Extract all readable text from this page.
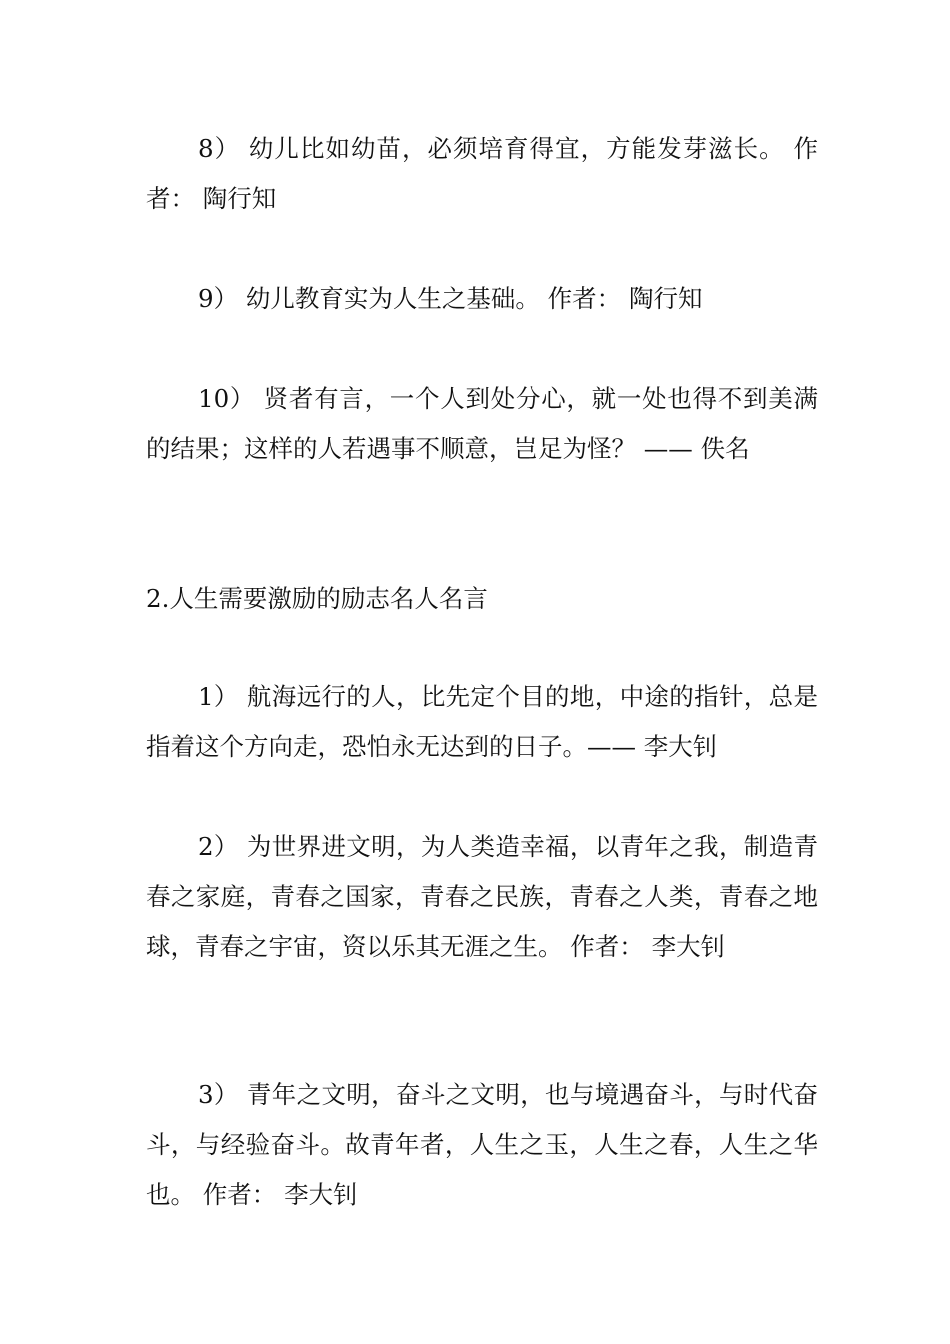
8） 幼儿比如幼苗，必须培育得宜，方能发芽滋长。 作者： 陶行知

9） 幼儿教育实为人生之基础。 作者： 陶行知

10） 贤者有言，一个人到处分心，就一处也得不到美满的结果；这样的人若遇事不顺意，岂足为怪？ —— 佚名

2.人生需要激励的励志名人名言

1） 航海远行的人，比先定个目的地，中途的指针，总是指着这个方向走，恐怕永无达到的日子。—— 李大钊

2） 为世界进文明，为人类造幸福，以青年之我，制造青春之家庭，青春之国家，青春之民族，青春之人类，青春之地球，青春之宇宙，资以乐其无涯之生。 作者： 李大钊

3） 青年之文明，奋斗之文明，也与境遇奋斗，与时代奋斗，与经验奋斗。故青年者，人生之玉，人生之春，人生之华也。 作者： 李大钊
